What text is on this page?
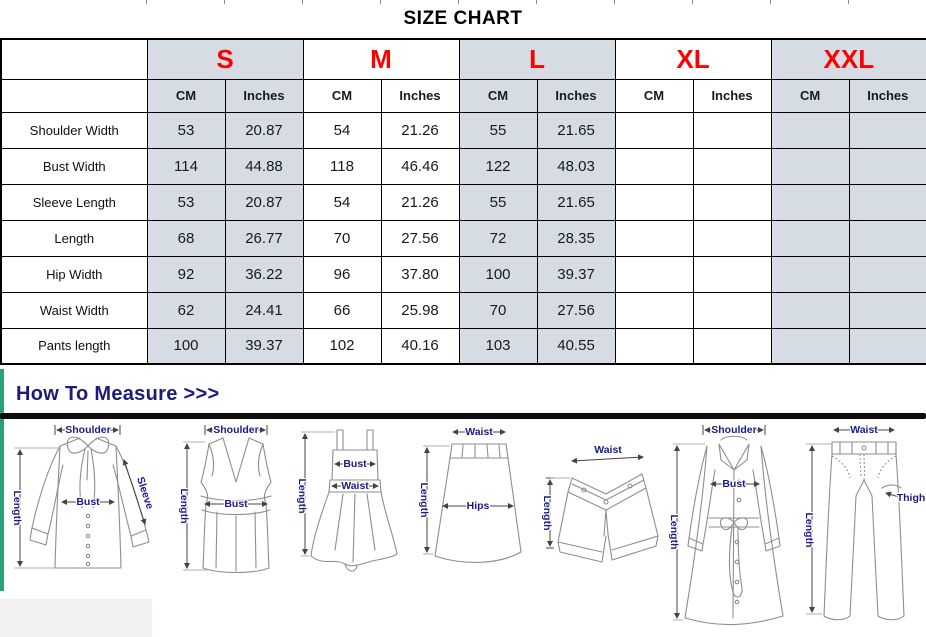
SIZE CHART
	S		M		L		XL		XXL	
	CM	Inches	CM	Inches	CM	Inches	CM	Inches	CM	Inches
Shoulder Width	53	20.87	54	21.26	55	21.65				
Bust Width	114	44.88	118	46.46	122	48.03				
Sleeve Length	53	20.87	54	21.26	55	21.65				
Length	68	26.77	70	27.56	72	28.35				
Hip Width	92	36.22	96	37.80	100	39.37				
Waist Width	62	24.41	66	25.98	70	27.56				
Pants length	100	39.37	102	40.16	103	40.55				
How To Measure >>>
Shoulder
Length	Bust	Sleeve
Shoulder
Bust
Length
Bust
Waist
Length
Waist
Hips
Length
Waist
Length
Shoulder
Length
Bust
Waist
Length
Thigh
